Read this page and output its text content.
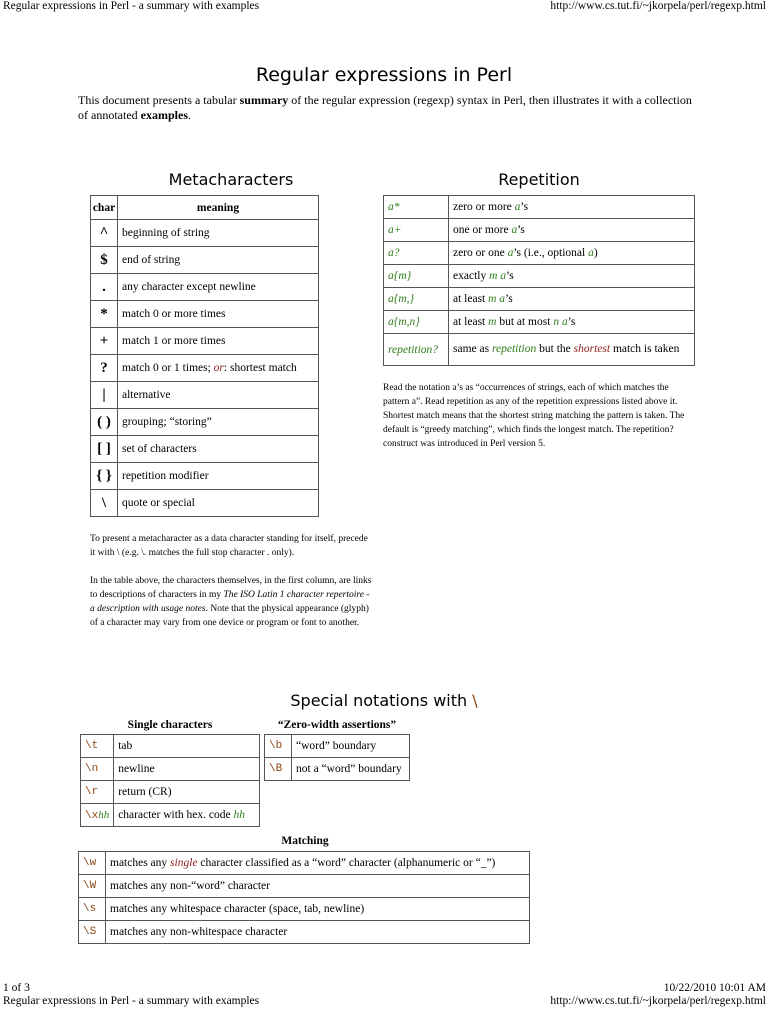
Regular expressions in Perl - a summary with examples	http://www.cs.tut.fi/~jkorpela/perl/regexp.html
Regular expressions in Perl
This document presents a tabular summary of the regular expression (regexp) syntax in Perl, then illustrates it with a collection
of annotated examples.
Metacharacters
char	meaning
^	beginning of string
$	end of string
.	any character except newline
*	match 0 or more times
+	match 1 or more times
?	match 0 or 1 times; or: shortest match
|	alternative
( )	grouping; “storing”
[ ]	set of characters
{ }	repetition modifier
\	quote or special
To present a metacharacter as a data character standing for itself, precede it with \ (e.g. \. matches the full stop character . only).
In the table above, the characters themselves, in the first column, are links to descriptions of characters in my The ISO Latin 1 character repertoire - a description with usage notes. Note that the physical appearance (glyph) of a character may vary from one device or program or font to another.
Repetition
a*	zero or more a’s
a+	one or more a’s
a?	zero or one a’s (i.e., optional a)
a{m}	exactly m a’s
a{m,}	at least m a’s
a{m,n}	at least m but at most n a’s
repetition?	same as repetition but the shortest match is taken
Read the notation a’s as “occurrences of strings, each of which matches the pattern a”. Read repetition as any of the repetition expressions listed above it. Shortest match means that the shortest string matching the pattern is taken. The default is “greedy matching”, which finds the longest match. The repetition? construct was introduced in Perl version 5.
Special notations with \
Single characters
\t	tab
\n	newline
\r	return (CR)
\xhh	character with hex. code hh
“Zero-width assertions”
\b	“word” boundary
\B	not a “word” boundary
Matching
\w	matches any single character classified as a “word” character (alphanumeric or “_”)
\W	matches any non-“word” character
\s	matches any whitespace character (space, tab, newline)
\S	matches any non-whitespace character
1 of 3	10/22/2010 10:01 AM
Regular expressions in Perl - a summary with examples	http://www.cs.tut.fi/~jkorpela/perl/regexp.html
